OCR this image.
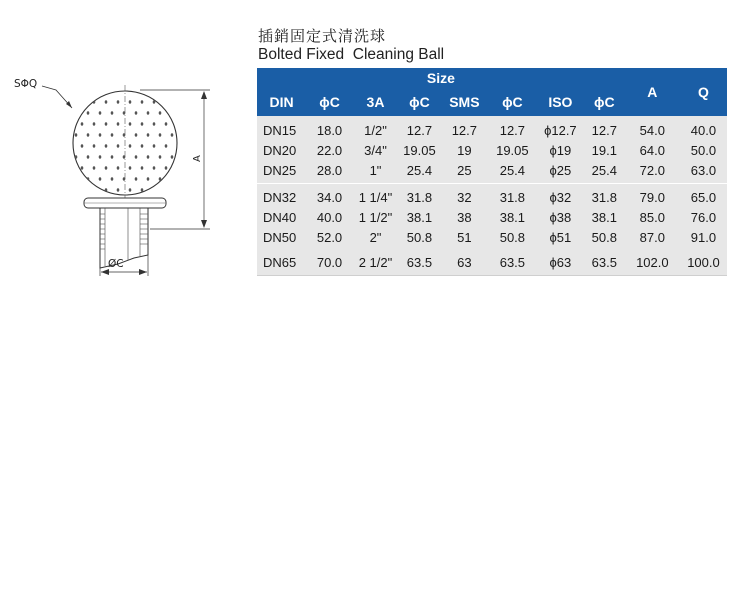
SΦQ
A
ØC
插銷固定式清洗球
Bolted Fixed  Cleaning Ball
Size								A	Q
DIN	ϕC	3A	ϕC	SMS	ϕC	ISO	ϕC		
DN15	18.0	1/2"	12.7	12.7	12.7	ϕ12.7	12.7	54.0	40.0
DN20	22.0	3/4"	19.05	19	19.05	ϕ19	19.1	64.0	50.0
DN25	28.0	1"	25.4	25	25.4	ϕ25	25.4	72.0	63.0
DN32	34.0	1 1/4"	31.8	32	31.8	ϕ32	31.8	79.0	65.0
DN40	40.0	1 1/2"	38.1	38	38.1	ϕ38	38.1	85.0	76.0
DN50	52.0	2"	50.8	51	50.8	ϕ51	50.8	87.0	91.0
DN65	70.0	2 1/2"	63.5	63	63.5	ϕ63	63.5	102.0	100.0
